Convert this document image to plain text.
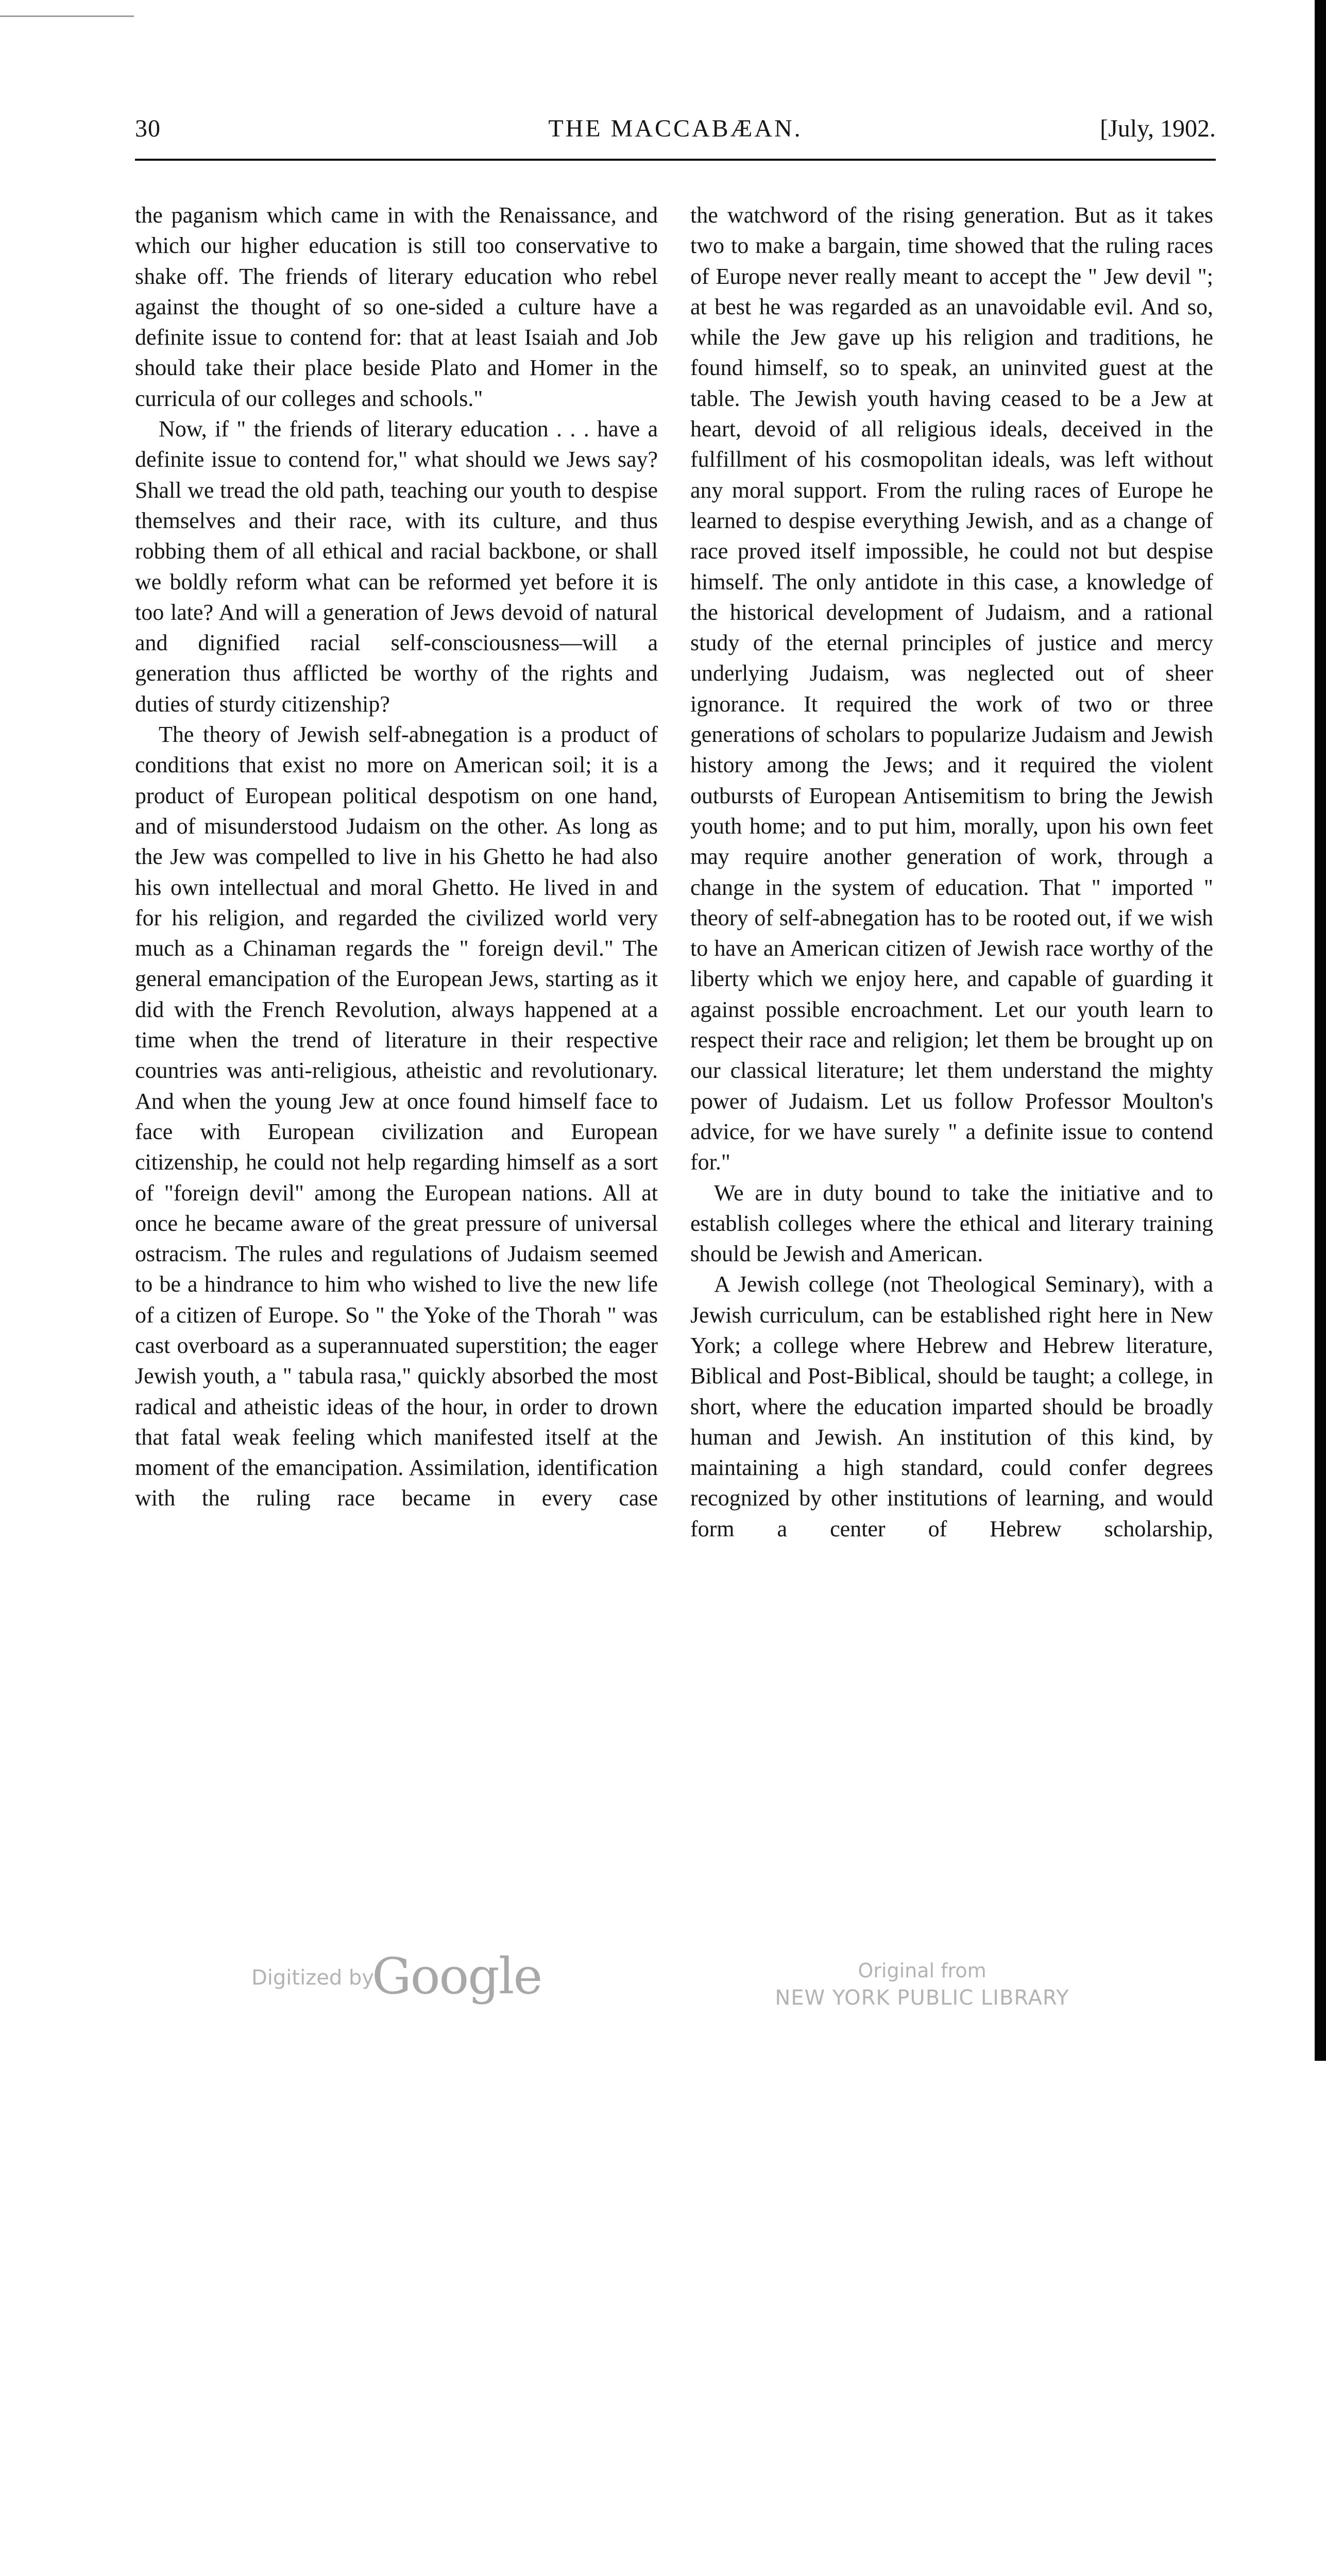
30	THE MACCABÆAN.	[July, 1902.

the paganism which came in with the Renaissance, and which our higher education is still too conservative to shake off. The friends of literary education who rebel against the thought of so one-sided a culture have a definite issue to contend for: that at least Isaiah and Job should take their place beside Plato and Homer in the curricula of our colleges and schools."

Now, if " the friends of literary education . . . have a definite issue to contend for," what should we Jews say? Shall we tread the old path, teaching our youth to despise themselves and their race, with its culture, and thus robbing them of all ethical and racial backbone, or shall we boldly reform what can be reformed yet before it is too late? And will a generation of Jews devoid of natural and dignified racial self-consciousness—will a generation thus afflicted be worthy of the rights and duties of sturdy citizenship?

The theory of Jewish self-abnegation is a product of conditions that exist no more on American soil; it is a product of European political despotism on one hand, and of misunderstood Judaism on the other. As long as the Jew was compelled to live in his Ghetto he had also his own intellectual and moral Ghetto. He lived in and for his religion, and regarded the civilized world very much as a Chinaman regards the " foreign devil." The general emancipation of the European Jews, starting as it did with the French Revolution, always happened at a time when the trend of literature in their respective countries was anti-religious, atheistic and revolutionary. And when the young Jew at once found himself face to face with European civilization and European citizenship, he could not help regarding himself as a sort of "foreign devil" among the European nations. All at once he became aware of the great pressure of universal ostracism. The rules and regulations of Judaism seemed to be a hindrance to him who wished to live the new life of a citizen of Europe. So " the Yoke of the Thorah " was cast overboard as a superannuated superstition; the eager Jewish youth, a " tabula rasa," quickly absorbed the most radical and atheistic ideas of the hour, in order to drown that fatal weak feeling which manifested itself at the moment of the emancipation. Assimilation, identification with the ruling race became in every case

the watchword of the rising generation. But as it takes two to make a bargain, time showed that the ruling races of Europe never really meant to accept the " Jew devil "; at best he was regarded as an unavoidable evil. And so, while the Jew gave up his religion and traditions, he found himself, so to speak, an uninvited guest at the table. The Jewish youth having ceased to be a Jew at heart, devoid of all religious ideals, deceived in the fulfillment of his cosmopolitan ideals, was left without any moral support. From the ruling races of Europe he learned to despise everything Jewish, and as a change of race proved itself impossible, he could not but despise himself. The only antidote in this case, a knowledge of the historical development of Judaism, and a rational study of the eternal principles of justice and mercy underlying Judaism, was neglected out of sheer ignorance. It required the work of two or three generations of scholars to popularize Judaism and Jewish history among the Jews; and it required the violent outbursts of European Antisemitism to bring the Jewish youth home; and to put him, morally, upon his own feet may require another generation of work, through a change in the system of education. That " imported " theory of self-abnegation has to be rooted out, if we wish to have an American citizen of Jewish race worthy of the liberty which we enjoy here, and capable of guarding it against possible encroachment. Let our youth learn to respect their race and religion; let them be brought up on our classical literature; let them understand the mighty power of Judaism. Let us follow Professor Moulton's advice, for we have surely " a definite issue to contend for."

We are in duty bound to take the initiative and to establish colleges where the ethical and literary training should be Jewish and American.

A Jewish college (not Theological Seminary), with a Jewish curriculum, can be established right here in New York; a college where Hebrew and Hebrew literature, Biblical and Post-Biblical, should be taught; a college, in short, where the education imparted should be broadly human and Jewish. An institution of this kind, by maintaining a high standard, could confer degrees recognized by other institutions of learning, and would form a center of Hebrew scholarship,

Digitized by
Google	Original from
NEW YORK PUBLIC LIBRARY
